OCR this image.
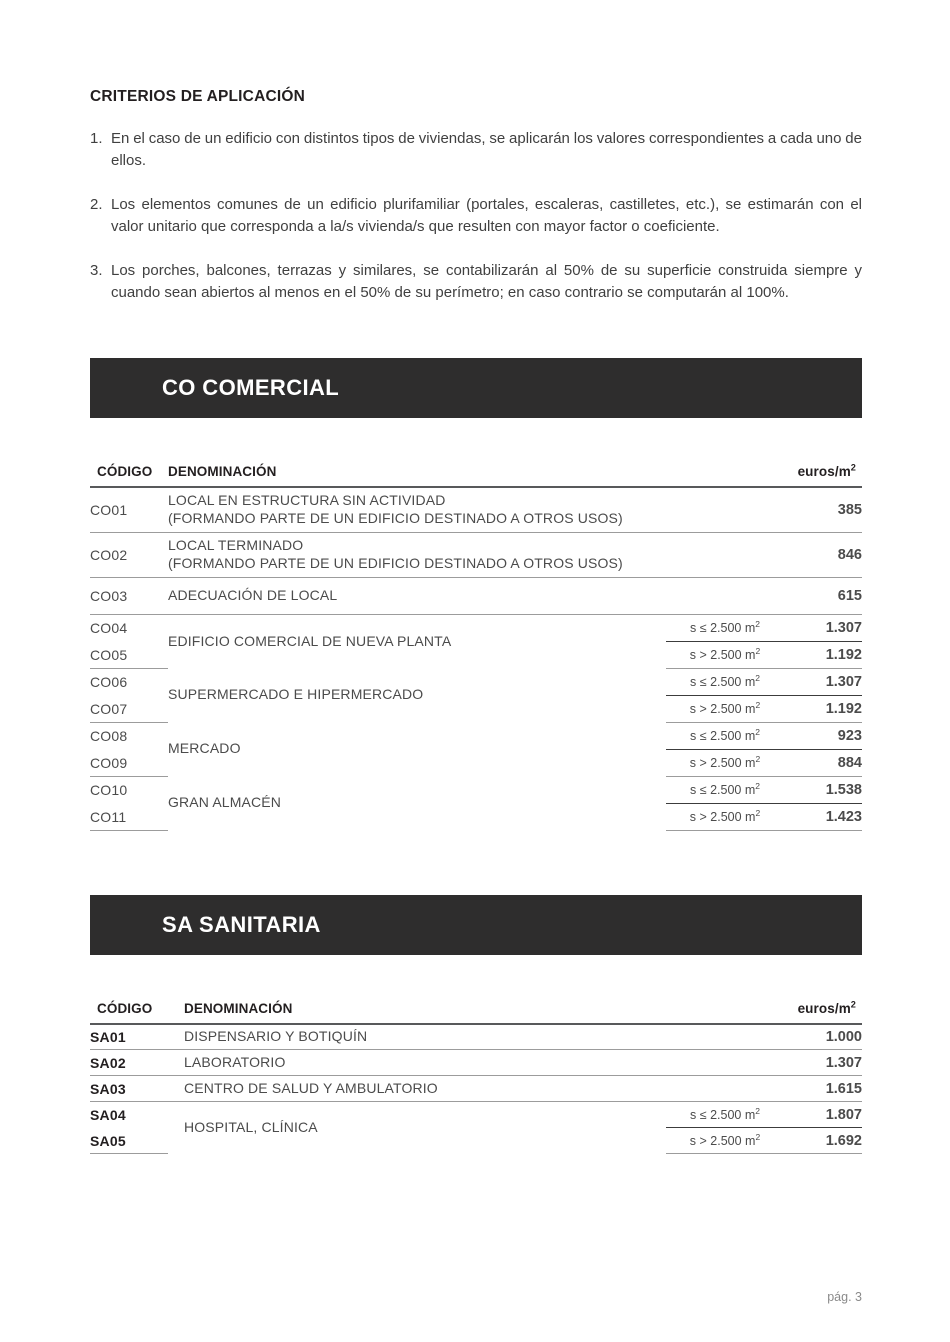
CRITERIOS DE APLICACIÓN
1. En el caso de un edificio con distintos tipos de viviendas, se aplicarán los valores correspondientes a cada uno de ellos.
2. Los elementos comunes de un edificio plurifamiliar (portales, escaleras, castilletes, etc.), se estimarán con el valor unitario que corresponda a la/s vivienda/s que resulten con mayor factor o coeficiente.
3. Los porches, balcones, terrazas y similares, se contabilizarán al 50% de su superficie construida siempre y cuando sean abiertos al menos en el 50% de su perímetro; en caso contrario se computarán al 100%.
CO COMERCIAL
CÓDIGO	DENOMINACIÓN		euros/$m^2$
CO01	LOCAL EN ESTRUCTURA SIN ACTIVIDAD
(FORMANDO PARTE DE UN EDIFICIO DESTINADO A OTROS USOS)		385
CO02	LOCAL TERMINADO
(FORMANDO PARTE DE UN EDIFICIO DESTINADO A OTROS USOS)		846
CO03	ADECUACIÓN DE LOCAL		615
CO04	EDIFICIO COMERCIAL DE NUEVA PLANTA	s ≤ 2.500 $m^2$	1.307
CO05		s > 2.500 $m^2$	1.192
CO06	SUPERMERCADO E HIPERMERCADO	s ≤ 2.500 $m^2$	1.307
CO07		s > 2.500 $m^2$	1.192
CO08	MERCADO	s ≤ 2.500 $m^2$	923
CO09		s > 2.500 $m^2$	884
CO10	GRAN ALMACÉN	s ≤ 2.500 $m^2$	1.538
CO11		s > 2.500 $m^2$	1.423
SA SANITARIA
CÓDIGO	DENOMINACIÓN		euros/$m^2$
SA01	DISPENSARIO Y BOTIQUÍN		1.000
SA02	LABORATORIO		1.307
SA03	CENTRO DE SALUD Y AMBULATORIO		1.615
SA04	HOSPITAL, CLÍNICA	s ≤ 2.500 $m^2$	1.807
SA05		s > 2.500 $m^2$	1.692
pág. 3
